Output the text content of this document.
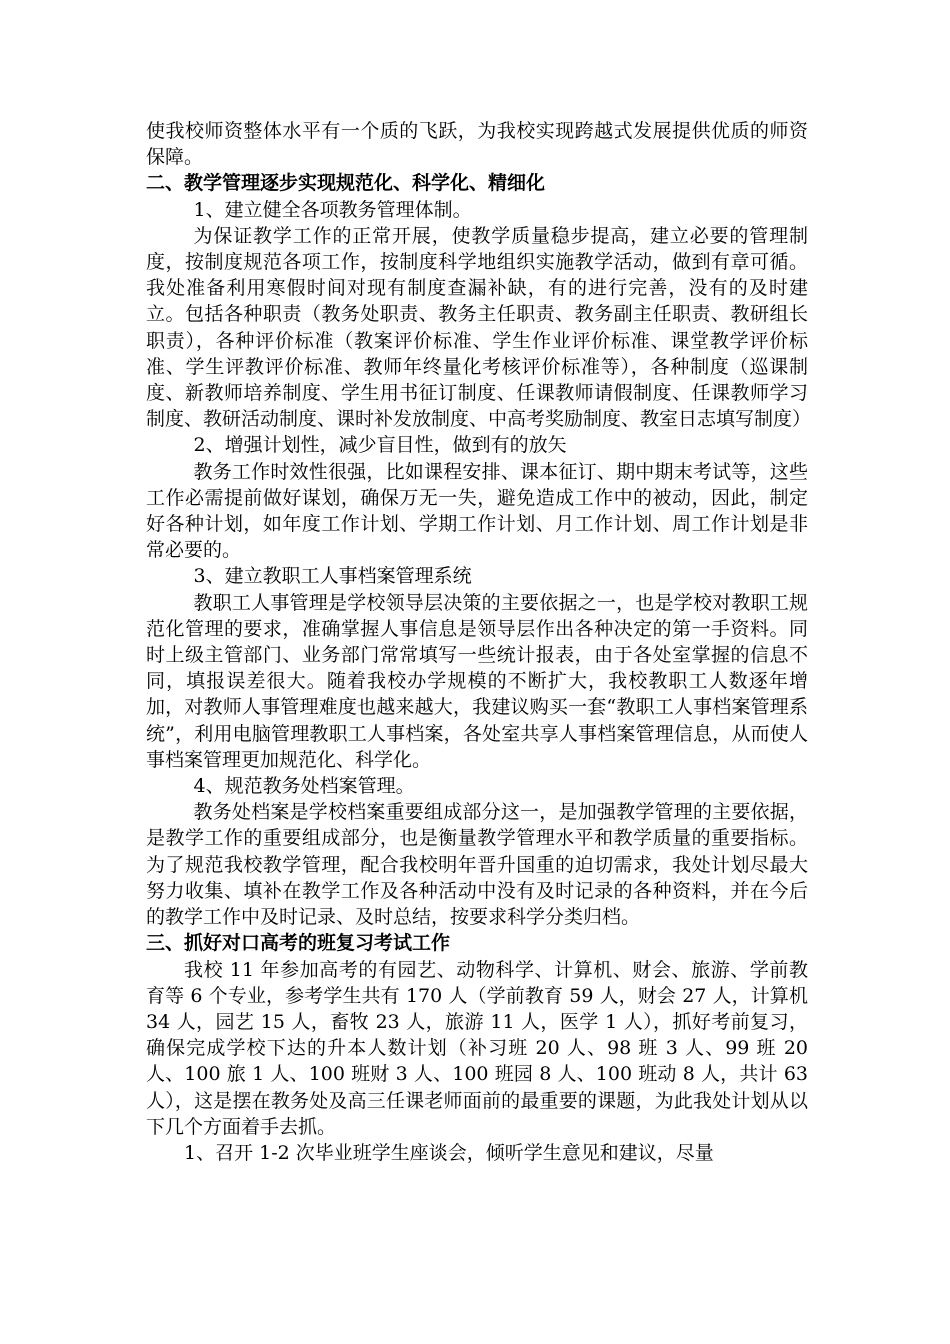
使我校师资整体水平有一个质的飞跃，为我校实现跨越式发展提供优质的师资保障。

二、教学管理逐步实现规范化、科学化、精细化

1、建立健全各项教务管理体制。

为保证教学工作的正常开展，使教学质量稳步提高，建立必要的管理制度，按制度规范各项工作，按制度科学地组织实施教学活动，做到有章可循。我处准备利用寒假时间对现有制度查漏补缺，有的进行完善，没有的及时建立。包括各种职责（教务处职责、教务主任职责、教务副主任职责、教研组长职责），各种评价标准（教案评价标准、学生作业评价标准、课堂教学评价标准、学生评教评价标准、教师年终量化考核评价标准等），各种制度（巡课制度、新教师培养制度、学生用书征订制度、任课教师请假制度、任课教师学习制度、教研活动制度、课时补发放制度、中高考奖励制度、教室日志填写制度）

2、增强计划性，减少盲目性，做到有的放矢

教务工作时效性很强，比如课程安排、课本征订、期中期末考试等，这些工作必需提前做好谋划，确保万无一失，避免造成工作中的被动，因此，制定好各种计划，如年度工作计划、学期工作计划、月工作计划、周工作计划是非常必要的。

3、建立教职工人事档案管理系统

教职工人事管理是学校领导层决策的主要依据之一，也是学校对教职工规范化管理的要求，准确掌握人事信息是领导层作出各种决定的第一手资料。同时上级主管部门、业务部门常常填写一些统计报表，由于各处室掌握的信息不同，填报误差很大。随着我校办学规模的不断扩大，我校教职工人数逐年增加，对教师人事管理难度也越来越大，我建议购买一套“教职工人事档案管理系统”，利用电脑管理教职工人事档案，各处室共享人事档案管理信息，从而使人事档案管理更加规范化、科学化。

4、规范教务处档案管理。

教务处档案是学校档案重要组成部分这一，是加强教学管理的主要依据，是教学工作的重要组成部分，也是衡量教学管理水平和教学质量的重要指标。为了规范我校教学管理，配合我校明年晋升国重的迫切需求，我处计划尽最大努力收集、填补在教学工作及各种活动中没有及时记录的各种资料，并在今后的教学工作中及时记录、及时总结，按要求科学分类归档。

三、抓好对口高考的班复习考试工作

我校 11 年参加高考的有园艺、动物科学、计算机、财会、旅游、学前教育等 6 个专业，参考学生共有 170 人（学前教育 59 人，财会 27 人，计算机 34 人，园艺 15 人，畜牧 23 人，旅游 11 人，医学 1 人），抓好考前复习，确保完成学校下达的升本人数计划（补习班 20 人、98 班 3 人、99 班 20 人、100 旅 1 人、100 班财 3 人、100 班园 8 人、100 班动 8 人，共计 63 人），这是摆在教务处及高三任课老师面前的最重要的课题，为此我处计划从以下几个方面着手去抓。

1、召开 1-2 次毕业班学生座谈会，倾听学生意见和建议，尽量
